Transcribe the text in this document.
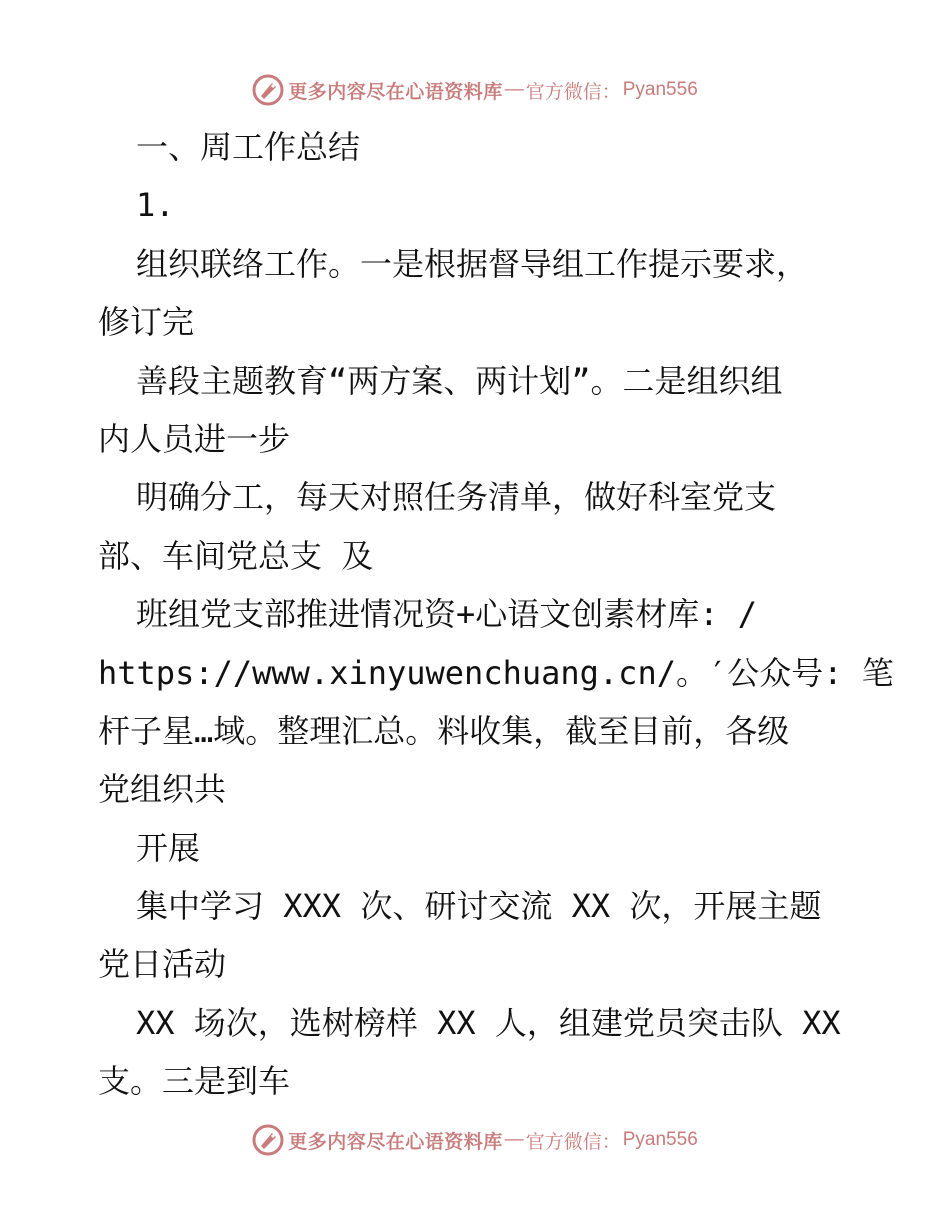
更多内容尽在心语资料库 — 官方微信： Pyan556
一、周工作总结
1.
组织联络工作。一是根据督导组工作提示要求，
修订完
善段主题教育“两方案、两计划”。二是组织组
内人员进一步
明确分工，每天对照任务清单，做好科室党支
部、车间党总支 及
班组党支部推进情况资+心语文创素材库: /
https://www.xinyuwenchuang.cn/。′公众号: 笔
杆子星…域。整理汇总。料收集，截至目前，各级
党组织共
开展
集中学习 XXX 次、研讨交流 XX 次，开展主题
党日活动
XX 场次，选树榜样 XX 人，组建党员突击队 XX
支。三是到车
更多内容尽在心语资料库 — 官方微信： Pyan556
